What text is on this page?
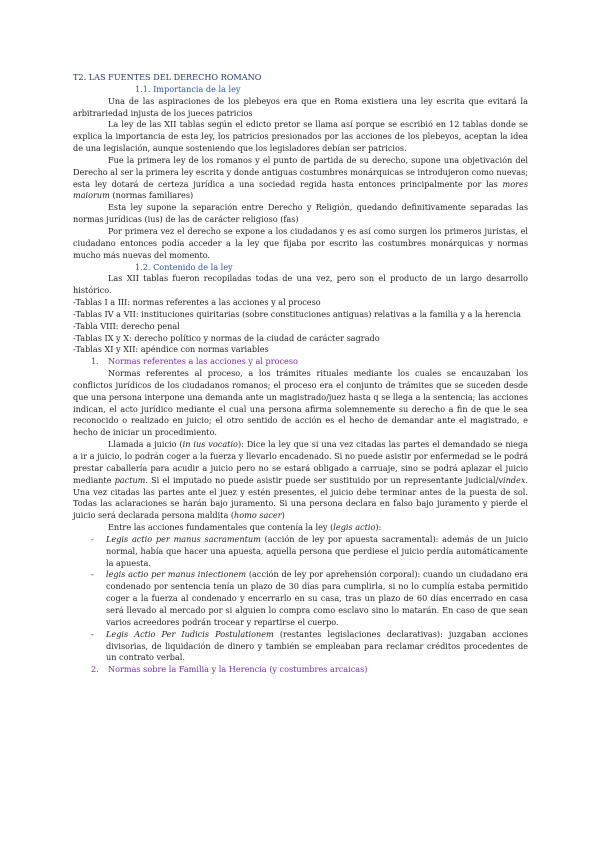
T2. LAS FUENTES DEL DERECHO ROMANO

1.1. Importancia de la ley

Una de las aspiraciones de los plebeyos era que en Roma existiera una ley escrita que evitará la arbitrariedad injusta de los jueces patricios

La ley de las XII tablas según el edicto pretor se llama así porque se escribió en 12 tablas donde se explica la importancia de esta ley, los patricios presionados por las acciones de los plebeyos, aceptan la idea de una legislación, aunque sosteniendo que los legisladores debían ser patricios.

Fue la primera ley de los romanos y el punto de partida de su derecho, supone una objetivación del Derecho al ser la primera ley escrita y donde antiguas costumbres monárquicas se introdujeron como nuevas; esta ley dotará de certeza jurídica a una sociedad regida hasta entonces principalmente por las mores maiorum (normas familiares)

Esta ley supone la separación entre Derecho y Religión, quedando definitivamente separadas las normas jurídicas (ius) de las de carácter religioso (fas)

Por primera vez el derecho se expone a los ciudadanos y es así como surgen los primeros juristas, el ciudadano entonces podía acceder a la ley que fijaba por escrito las costumbres monárquicas y normas mucho más nuevas del momento.

1.2. Contenido de la ley

Las XII tablas fueron recopiladas todas de una vez, pero son el producto de un largo desarrollo histórico.

-Tablas I a III: normas referentes a las acciones y al proceso

-Tablas IV a VII: instituciones quiritarias (sobre constituciones antiguas) relativas a la familia y a la herencia

-Tabla VIII: derecho penal

-Tablas IX y X: derecho político y normas de la ciudad de carácter sagrado

-Tablas XI y XII: apéndice con normas variables

1. Normas referentes a las acciones y al proceso

Normas referentes al proceso, a los trámites rituales mediante los cuales se encauzaban los conflictos jurídicos de los ciudadanos romanos; el proceso era el conjunto de trámites que se suceden desde que una persona interpone una demanda ante un magistrado/juez hasta q se llega a la sentencia; las acciones indican, el acto jurídico mediante el cual una persona afirma solemnemente su derecho a fin de que le sea reconocido o realizado en juicio; el otro sentido de acción es el hecho de demandar ante el magistrado, e hecho de iniciar un procedimiento.

Llamada a juicio (in ius vocatio): Dice la ley que si una vez citadas las partes el demandado se niega a ir a juicio, lo podrán coger a la fuerza y llevarlo encadenado. Si no puede asistir por enfermedad se le podrá prestar caballería para acudir a juicio pero no se estará obligado a carruaje, sino se podrá aplazar el juicio mediante pactum. Si el imputado no puede asistir puede ser sustituido por un representante judicial/vindex. Una vez citadas las partes ante el juez y estén presentes, el juicio debe terminar antes de la puesta de sol. Todas las aclaraciones se harán bajo juramento. Si una persona declara en falso bajo juramento y pierde el juicio será declarada persona maldita (homo sacer)

Entre las acciones fundamentales que contenía la ley (legis actio):

-	Legis actio per manus sacramentum (acción de ley por apuesta sacramental): además de un juicio normal, había que hacer una apuesta, aquella persona que perdiese el juicio perdía automáticamente la apuesta.
-	legis actio per manus iniectionem (acción de ley por aprehensión corporal): cuando un ciudadano era condenado por sentencia tenía un plazo de 30 días para cumplirla, si no lo cumplía estaba permitido coger a la fuerza al condenado y encerrarlo en su casa, tras un plazo de 60 días encerrado en casa será llevado al mercado por si alguien lo compra como esclavo sino lo matarán. En caso de que sean varios acreedores podrán trocear y repartirse el cuerpo.
-	Legis Actio Per Iudicis Postulationem (restantes legislaciones declarativas): juzgaban acciones divisorias, de liquidación de dinero y también se empleaban para reclamar créditos procedentes de un contrato verbal.

2. Normas sobre la Familia y la Herencia (y costumbres arcaicas)
